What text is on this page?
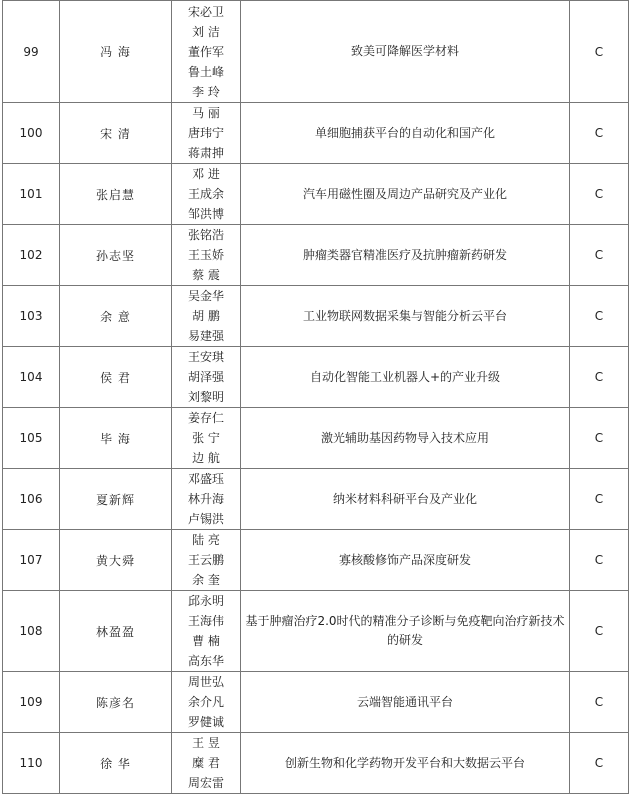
99	冯 海	宋必卫
刘 洁
董作军
鲁土峰
李 玲	致美可降解医学材料	C
100	宋 清	马 丽
唐玮宁
蒋肃抻	单细胞捕获平台的自动化和国产化	C
101	张启慧	邓 进
王成余
邹洪博	汽车用磁性圈及周边产品研究及产业化	C
102	孙志坚	张铭浩
王玉娇
蔡 震	肿瘤类器官精准医疗及抗肿瘤新药研发	C
103	余 意	吴金华
胡 鹏
易建强	工业物联网数据采集与智能分析云平台	C
104	侯 君	王安琪
胡泽强
刘黎明	自动化智能工业机器人+的产业升级	C
105	毕 海	姜存仁
张 宁
边 航	激光辅助基因药物导入技术应用	C
106	夏新辉	邓盛珏
林升海
卢锡洪	纳米材料科研平台及产业化	C
107	黄大舜	陆 亮
王云鹏
余 奎	寡核酸修饰产品深度研发	C
108	林盈盈	邱永明
王海伟
曹 楠
高东华	基于肿瘤治疗2.0时代的精准分子诊断与免疫靶向治疗新技术的研发	C
109	陈彦名	周世弘
余介凡
罗健诚	云端智能通讯平台	C
110	徐 华	王 昱
糜 君
周宏雷	创新生物和化学药物开发平台和大数据云平台	C
